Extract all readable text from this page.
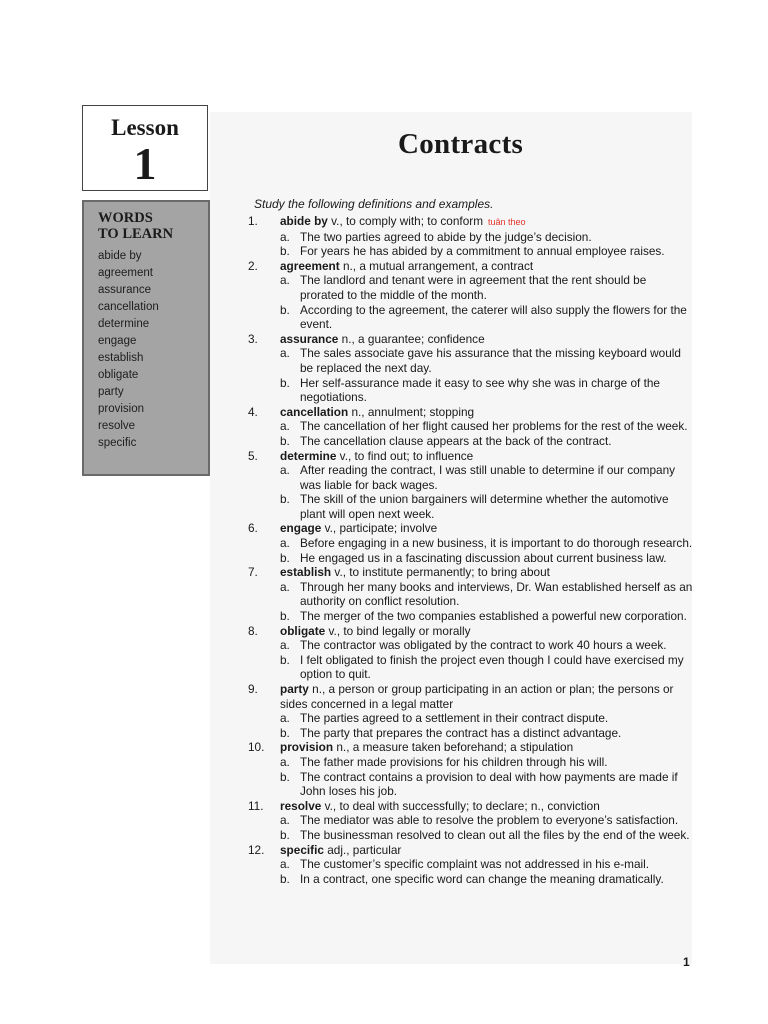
Lesson
1
WORDS
TO LEARN
abide by
agreement
assurance
cancellation
determine
engage
establish
obligate
party
provision
resolve
specific
Contracts
Study the following definitions and examples.
1.	abide by v., to comply with; to conform tuân theo
a. The two parties agreed to abide by the judge’s decision.
b. For years he has abided by a commitment to annual employee raises.
2.	agreement n., a mutual arrangement, a contract
a. The landlord and tenant were in agreement that the rent should be prorated to the middle of the month.
b. According to the agreement, the caterer will also supply the flowers for the event.
3.	assurance n., a guarantee; confidence
a. The sales associate gave his assurance that the missing keyboard would be replaced the next day.
b. Her self-assurance made it easy to see why she was in charge of the negotiations.
4.	cancellation n., annulment; stopping
a. The cancellation of her flight caused her problems for the rest of the week.
b. The cancellation clause appears at the back of the contract.
5.	determine v., to find out; to influence
a. After reading the contract, I was still unable to determine if our company was liable for back wages.
b. The skill of the union bargainers will determine whether the automotive plant will open next week.
6.	engage v., participate; involve
a. Before engaging in a new business, it is important to do thorough research.
b. He engaged us in a fascinating discussion about current business law.
7.	establish v., to institute permanently; to bring about
a. Through her many books and interviews, Dr. Wan established herself as an authority on conflict resolution.
b. The merger of the two companies established a powerful new corporation.
8.	obligate v., to bind legally or morally
a. The contractor was obligated by the contract to work 40 hours a week.
b. I felt obligated to finish the project even though I could have exercised my option to quit.
9.	party n., a person or group participating in an action or plan; the persons or sides concerned in a legal matter
a. The parties agreed to a settlement in their contract dispute.
b. The party that prepares the contract has a distinct advantage.
10.	provision n., a measure taken beforehand; a stipulation
a. The father made provisions for his children through his will.
b. The contract contains a provision to deal with how payments are made if John loses his job.
11.	resolve v., to deal with successfully; to declare; n., conviction
a. The mediator was able to resolve the problem to everyone’s satisfaction.
b. The businessman resolved to clean out all the files by the end of the week.
12.	specific adj., particular
a. The customer’s specific complaint was not addressed in his e-mail.
b. In a contract, one specific word can change the meaning dramatically.
1
